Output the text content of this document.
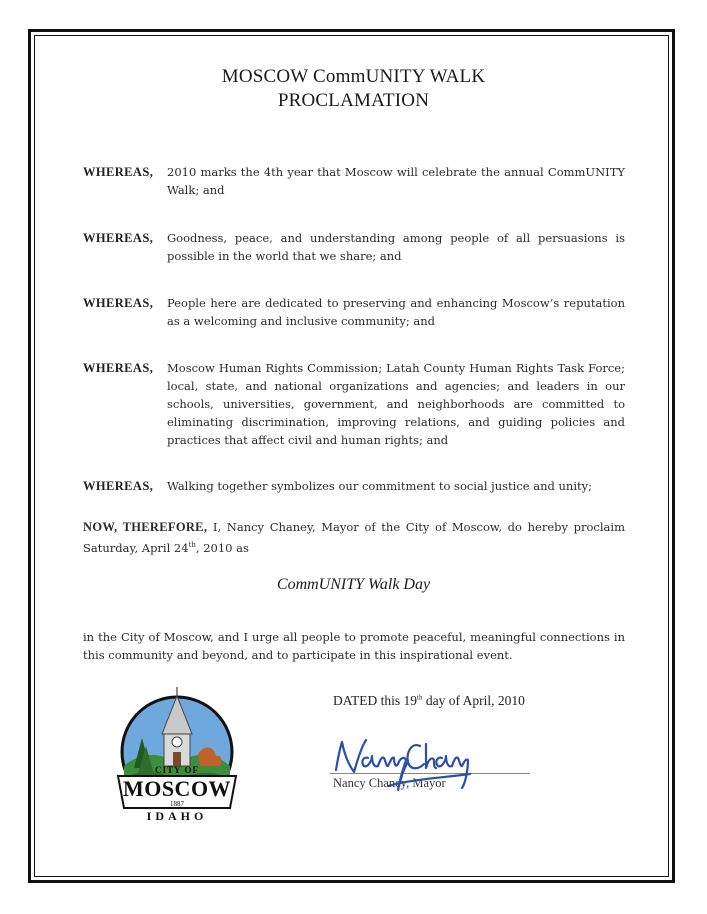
MOSCOW CommUNITY WALK
PROCLAMATION
WHEREAS, 2010 marks the 4th year that Moscow will celebrate the annual CommUNITY Walk; and
WHEREAS, Goodness, peace, and understanding among people of all persuasions is possible in the world that we share; and
WHEREAS, People here are dedicated to preserving and enhancing Moscow’s reputation as a welcoming and inclusive community; and
WHEREAS, Moscow Human Rights Commission; Latah County Human Rights Task Force; local, state, and national organizations and agencies; and leaders in our schools, universities, government, and neighborhoods are committed to eliminating discrimination, improving relations, and guiding policies and practices that affect civil and human rights; and
WHEREAS, Walking together symbolizes our commitment to social justice and unity;
NOW, THEREFORE, I, Nancy Chaney, Mayor of the City of Moscow, do hereby proclaim Saturday, April 24th, 2010 as
CommUNITY Walk Day
in the City of Moscow, and I urge all people to promote peaceful, meaningful connections in this community and beyond, and to participate in this inspirational event.
DATED this 19th day of April, 2010
Nancy Chaney, Mayor
CITY OF
MOSCOW
1887
IDAHO
